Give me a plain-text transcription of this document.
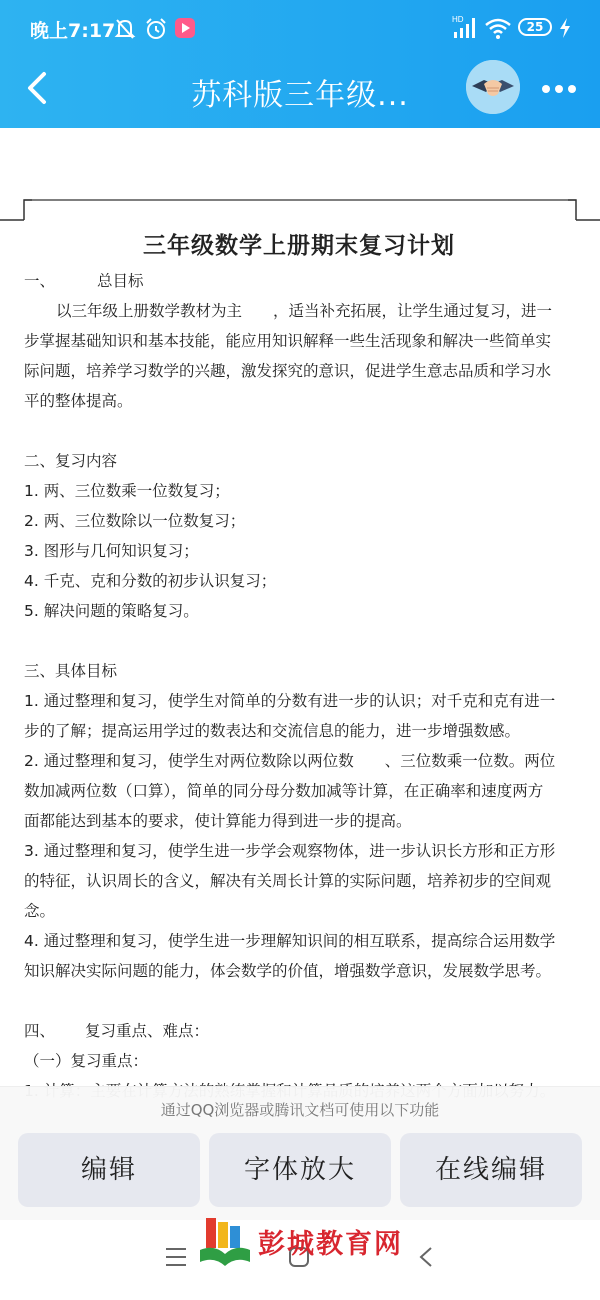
晚上7:17
HD
25
苏科版三年级...
三年级数学上册期末复习计划
一、	总目标
以三年级上册数学教材为主　　，适当补充拓展，让学生通过复习，进一
步掌握基础知识和基本技能，能应用知识解释一些生活现象和解决一些简单实
际问题，培养学习数学的兴趣，激发探究的意识，促进学生意志品质和学习水
平的整体提高。
二、复习内容
1. 两、三位数乘一位数复习；
2. 两、三位数除以一位数复习；
3. 图形与几何知识复习；
4. 千克、克和分数的初步认识复习；
5. 解决问题的策略复习。
三、具体目标
1. 通过整理和复习，使学生对简单的分数有进一步的认识；对千克和克有进一
步的了解；提高运用学过的数表达和交流信息的能力，进一步增强数感。
2. 通过整理和复习，使学生对两位数除以两位数　　、三位数乘一位数。两位
数加减两位数（口算），简单的同分母分数加减等计算，在正确率和速度两方
面都能达到基本的要求，使计算能力得到进一步的提高。
3. 通过整理和复习，使学生进一步学会观察物体，进一步认识长方形和正方形
的特征，认识周长的含义，解决有关周长计算的实际问题，培养初步的空间观
念。
4. 通过整理和复习，使学生进一步理解知识间的相互联系，提高综合运用数学
知识解决实际问题的能力，体会数学的价值，增强数学意识，发展数学思考。
四、 复习重点、难点：
（一）复习重点：
通过QQ浏览器或腾讯文档可使用以下功能
编辑	字体放大	在线编辑
彭城教育网
